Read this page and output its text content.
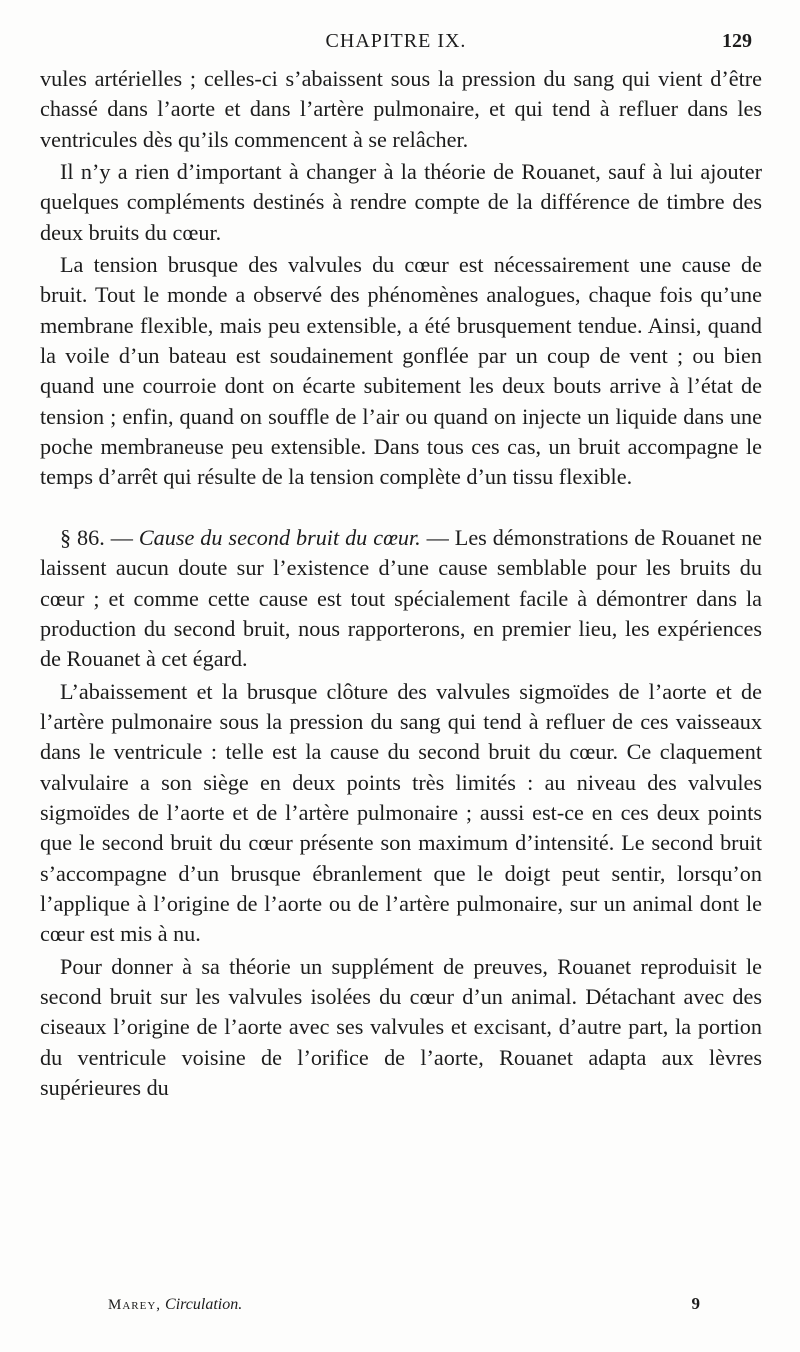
CHAPITRE IX.	129

vules artérielles ; celles-ci s’abaissent sous la pression du sang qui vient d’être chassé dans l’aorte et dans l’artère pulmonaire, et qui tend à refluer dans les ventricules dès qu’ils commencent à se relâcher.

Il n’y a rien d’important à changer à la théorie de Rouanet, sauf à lui ajouter quelques compléments destinés à rendre compte de la différence de timbre des deux bruits du cœur.

La tension brusque des valvules du cœur est nécessairement une cause de bruit. Tout le monde a observé des phénomènes analogues, chaque fois qu’une membrane flexible, mais peu extensible, a été brusquement tendue. Ainsi, quand la voile d’un bateau est soudainement gonflée par un coup de vent ; ou bien quand une courroie dont on écarte subitement les deux bouts arrive à l’état de tension ; enfin, quand on souffle de l’air ou quand on injecte un liquide dans une poche membraneuse peu extensible. Dans tous ces cas, un bruit accompagne le temps d’arrêt qui résulte de la tension complète d’un tissu flexible.

§ 86. — Cause du second bruit du cœur. — Les démonstrations de Rouanet ne laissent aucun doute sur l’existence d’une cause semblable pour les bruits du cœur ; et comme cette cause est tout spécialement facile à démontrer dans la production du second bruit, nous rapporterons, en premier lieu, les expériences de Rouanet à cet égard.

L’abaissement et la brusque clôture des valvules sigmoïdes de l’aorte et de l’artère pulmonaire sous la pression du sang qui tend à refluer de ces vaisseaux dans le ventricule : telle est la cause du second bruit du cœur. Ce claquement valvulaire a son siège en deux points très limités : au niveau des valvules sigmoïdes de l’aorte et de l’artère pulmonaire ; aussi est-ce en ces deux points que le second bruit du cœur présente son maximum d’intensité. Le second bruit s’accompagne d’un brusque ébranlement que le doigt peut sentir, lorsqu’on l’applique à l’origine de l’aorte ou de l’artère pulmonaire, sur un animal dont le cœur est mis à nu.

Pour donner à sa théorie un supplément de preuves, Rouanet reproduisit le second bruit sur les valvules isolées du cœur d’un animal. Détachant avec des ciseaux l’origine de l’aorte avec ses valvules et excisant, d’autre part, la portion du ventricule voisine de l’orifice de l’aorte, Rouanet adapta aux lèvres supérieures du

Marey, Circulation.	9
